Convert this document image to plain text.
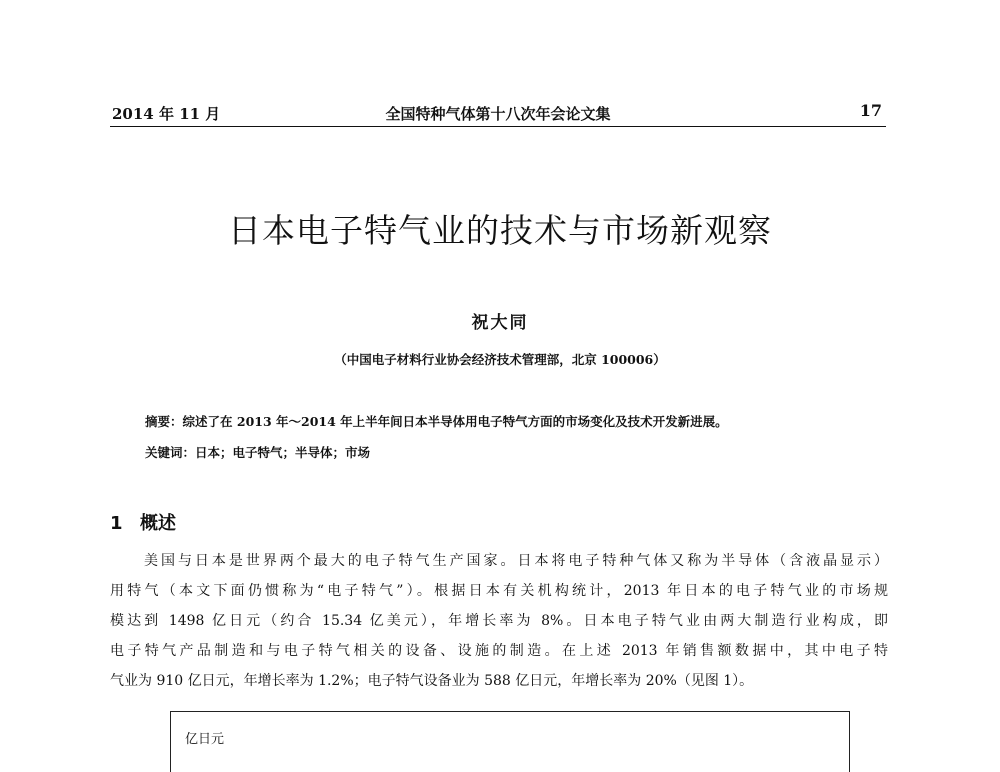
2014 年 11 月	全国特种气体第十八次年会论文集	17
日本电子特气业的技术与市场新观察
祝大同
（中国电子材料行业协会经济技术管理部，北京 100006）
摘要：综述了在 2013 年～2014 年上半年间日本半导体用电子特气方面的市场变化及技术开发新进展。
关键词：日本；电子特气；半导体；市场
1 概述
美国与日本是世界两个最大的电子特气生产国家。日本将电子特种气体又称为半导体（含液晶显示）
用特气（本文下面仍惯称为“电子特气”）。根据日本有关机构统计，2013 年日本的电子特气业的市场规
模达到 1498 亿日元（约合 15.34 亿美元），年增长率为 8%。日本电子特气业由两大制造行业构成，即
电子特气产品制造和与电子特气相关的设备、设施的制造。在上述 2013 年销售额数据中，其中电子特
气业为 910 亿日元，年增长率为 1.2%；电子特气设备业为 588 亿日元，年增长率为 20%（见图 1）。
亿日元
